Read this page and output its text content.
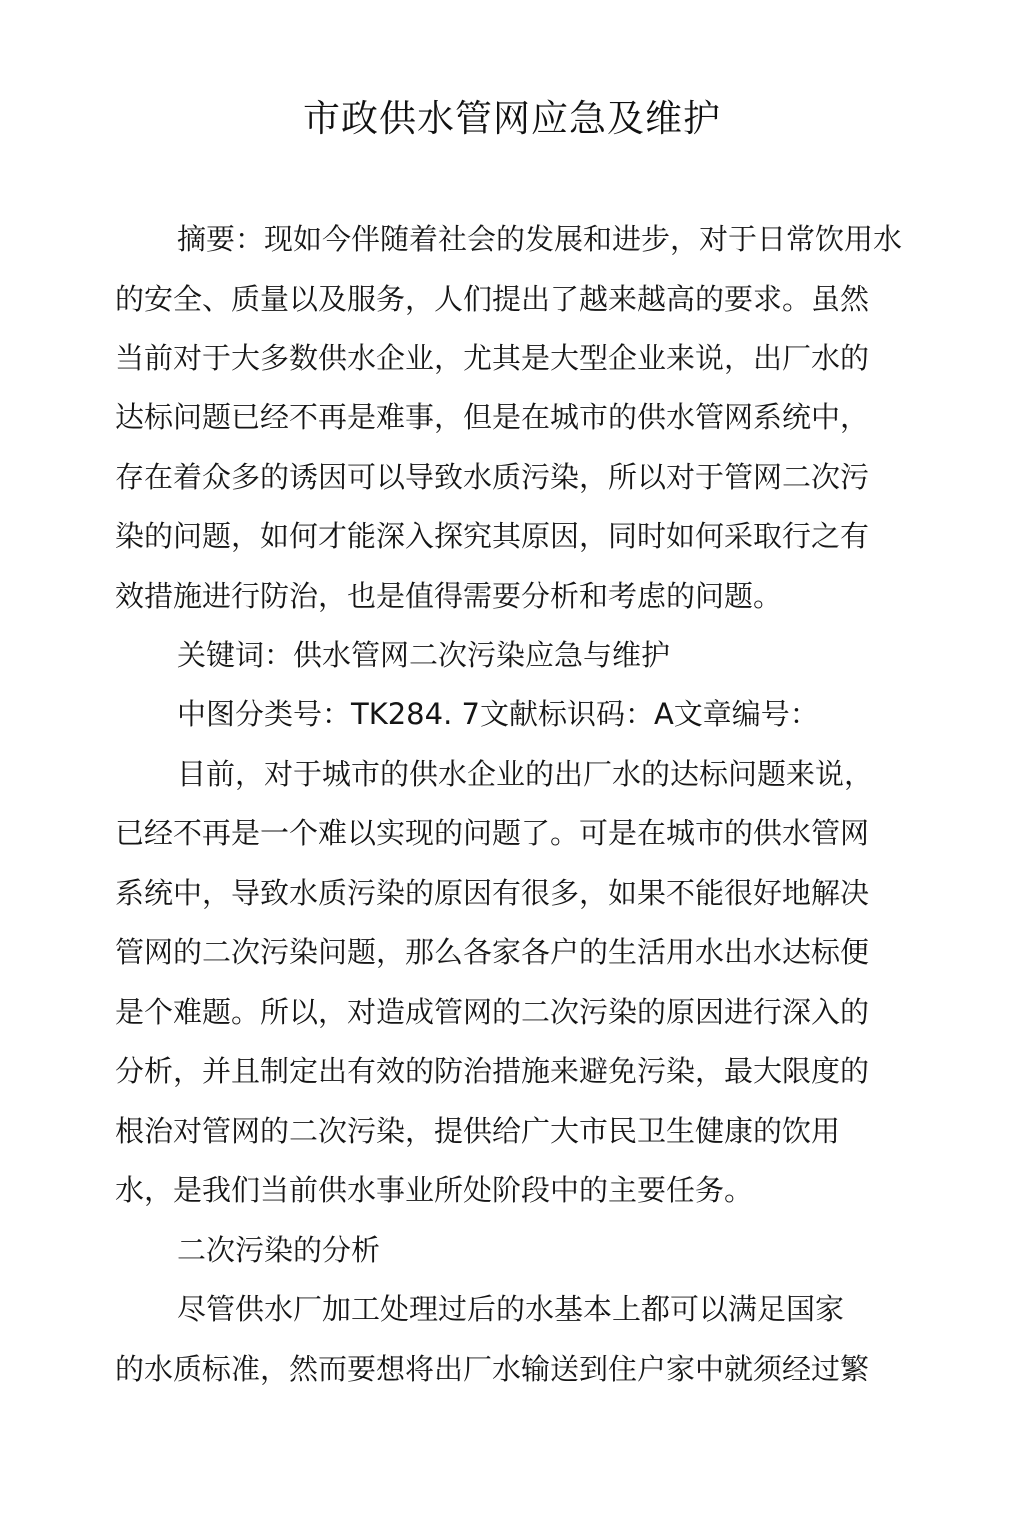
市政供水管网应急及维护
摘要：现如今伴随着社会的发展和进步，对于日常饮用水
的安全、质量以及服务，人们提出了越来越高的要求。虽然
当前对于大多数供水企业，尤其是大型企业来说，出厂水的
达标问题已经不再是难事，但是在城市的供水管网系统中，
存在着众多的诱因可以导致水质污染，所以对于管网二次污
染的问题，如何才能深入探究其原因，同时如何采取行之有
效措施进行防治，也是值得需要分析和考虑的问题。
关键词：供水管网二次污染应急与维护
中图分类号：TK284. 7文献标识码：A文章编号：
目前，对于城市的供水企业的出厂水的达标问题来说，
已经不再是一个难以实现的问题了。可是在城市的供水管网
系统中，导致水质污染的原因有很多，如果不能很好地解决
管网的二次污染问题，那么各家各户的生活用水出水达标便
是个难题。所以，对造成管网的二次污染的原因进行深入的
分析，并且制定出有效的防治措施来避免污染，最大限度的
根治对管网的二次污染，提供给广大市民卫生健康的饮用
水，是我们当前供水事业所处阶段中的主要任务。
二次污染的分析
尽管供水厂加工处理过后的水基本上都可以满足国家
的水质标准，然而要想将出厂水输送到住户家中就须经过繁
